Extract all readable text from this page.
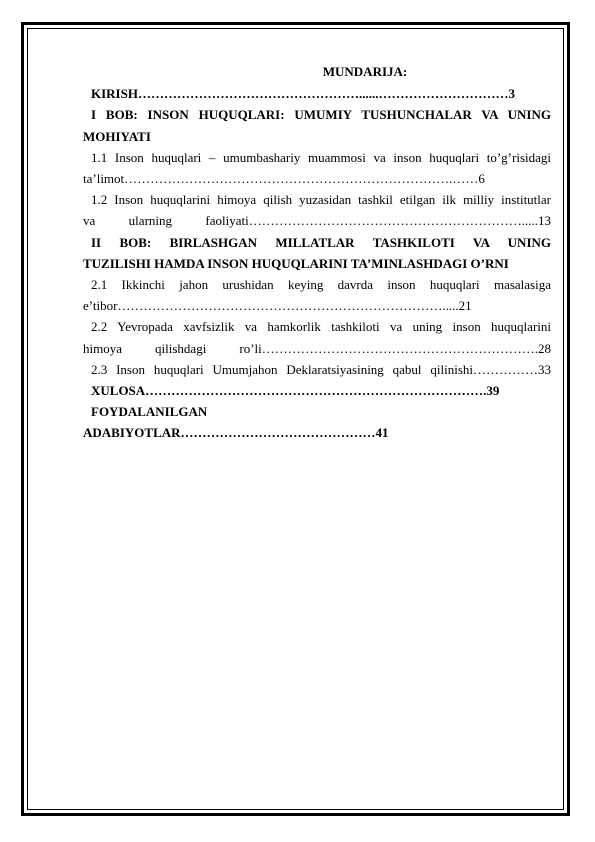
MUNDARIJA:

KIRISH……………………………………………......…………………………3

I BOB: INSON HUQUQLARI: UMUMIY TUSHUNCHALAR VA UNING
MOHIYATI

1.1 Inson huquqlari – umumbashariy muammosi va inson huquqlari to’g’risidagi
ta’limot………………………………………………………………….……6

1.2 Inson huquqlarini himoya qilish yuzasidan tashkil etilgan ilk milliy institutlar
va ularning faoliyati……………………………………………………….....13

II BOB: BIRLASHGAN MILLATLAR TASHKILOTI VA UNING
TUZILISHI HAMDA INSON HUQUQLARINI TA’MINLASHDAGI O’RNI

2.1 Ikkinchi jahon urushidan keying davrda inson huquqlari masalasiga
e’tibor………………………………………………………………….....21

2.2 Yevropada xavfsizlik va hamkorlik tashkiloti va uning inson huquqlarini
himoya qilishdagi ro’li……………………………………………………….28

2.3 Inson huquqlari Umumjahon Deklaratsiyasining qabul qilinishi……………33

XULOSA…………………………………………………………………….39

FOYDALANILGAN
ADABIYOTLAR………………………………………41
